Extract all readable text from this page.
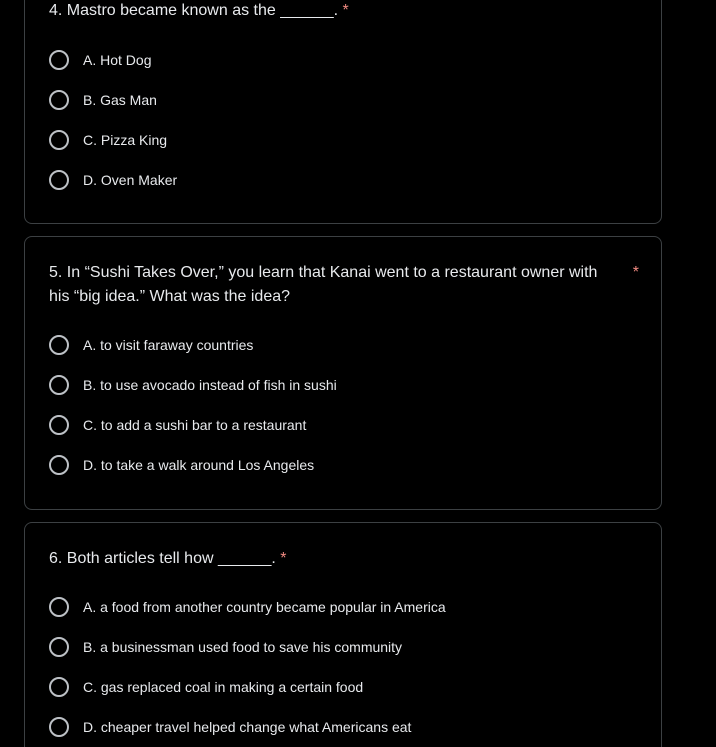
4. Mastro became known as the ______. *
A. Hot Dog
B. Gas Man
C. Pizza King
D. Oven Maker
5. In “Sushi Takes Over,” you learn that Kanai went to a restaurant owner with his “big idea.” What was the idea?
*
A. to visit faraway countries
B. to use avocado instead of fish in sushi
C. to add a sushi bar to a restaurant
D. to take a walk around Los Angeles
6. Both articles tell how ______. *
A. a food from another country became popular in America
B. a businessman used food to save his community
C. gas replaced coal in making a certain food
D. cheaper travel helped change what Americans eat
